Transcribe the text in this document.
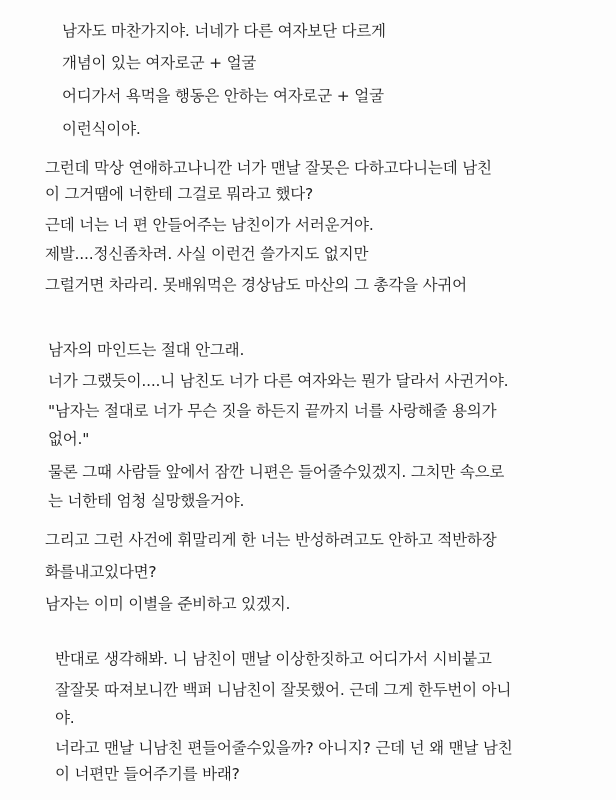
남자도 마찬가지야. 너네가 다른 여자보단 다르게
개념이 있는 여자로군 + 얼굴
어디가서 욕먹을 행동은 안하는 여자로군 + 얼굴
이런식이야.
그런데 막상 연애하고나니깐 너가 맨날 잘못은 다하고다니는데 남친
이 그거땜에 너한테 그걸로 뭐라고 했다?
근데 너는 너 편 안들어주는 남친이가 서러운거야.
제발....정신좀차려. 사실 이런건 쓸가지도 없지만
그럴거면 차라리. 못배워먹은 경상남도 마산의 그 총각을 사귀어
남자의 마인드는 절대 안그래.
너가 그랬듯이....니 남친도 너가 다른 여자와는 뭔가 달라서 사귄거야.
"남자는 절대로 너가 무슨 짓을 하든지 끝까지 너를 사랑해줄 용의가
없어."
물론 그때 사람들 앞에서 잠깐 니편은 들어줄수있겠지. 그치만 속으로
는 너한테 엄청 실망했을거야.
그리고 그런 사건에 휘말리게 한 너는 반성하려고도 안하고 적반하장
화를내고있다면?
남자는 이미 이별을 준비하고 있겠지.
반대로 생각해봐. 니 남친이 맨날 이상한짓하고 어디가서 시비붙고
잘잘못 따져보니깐 백퍼 니남친이 잘못했어. 근데 그게 한두번이 아니
야.
너라고 맨날 니남친 편들어줄수있을까? 아니지? 근데 넌 왜 맨날 남친
이 너편만 들어주기를 바래?
